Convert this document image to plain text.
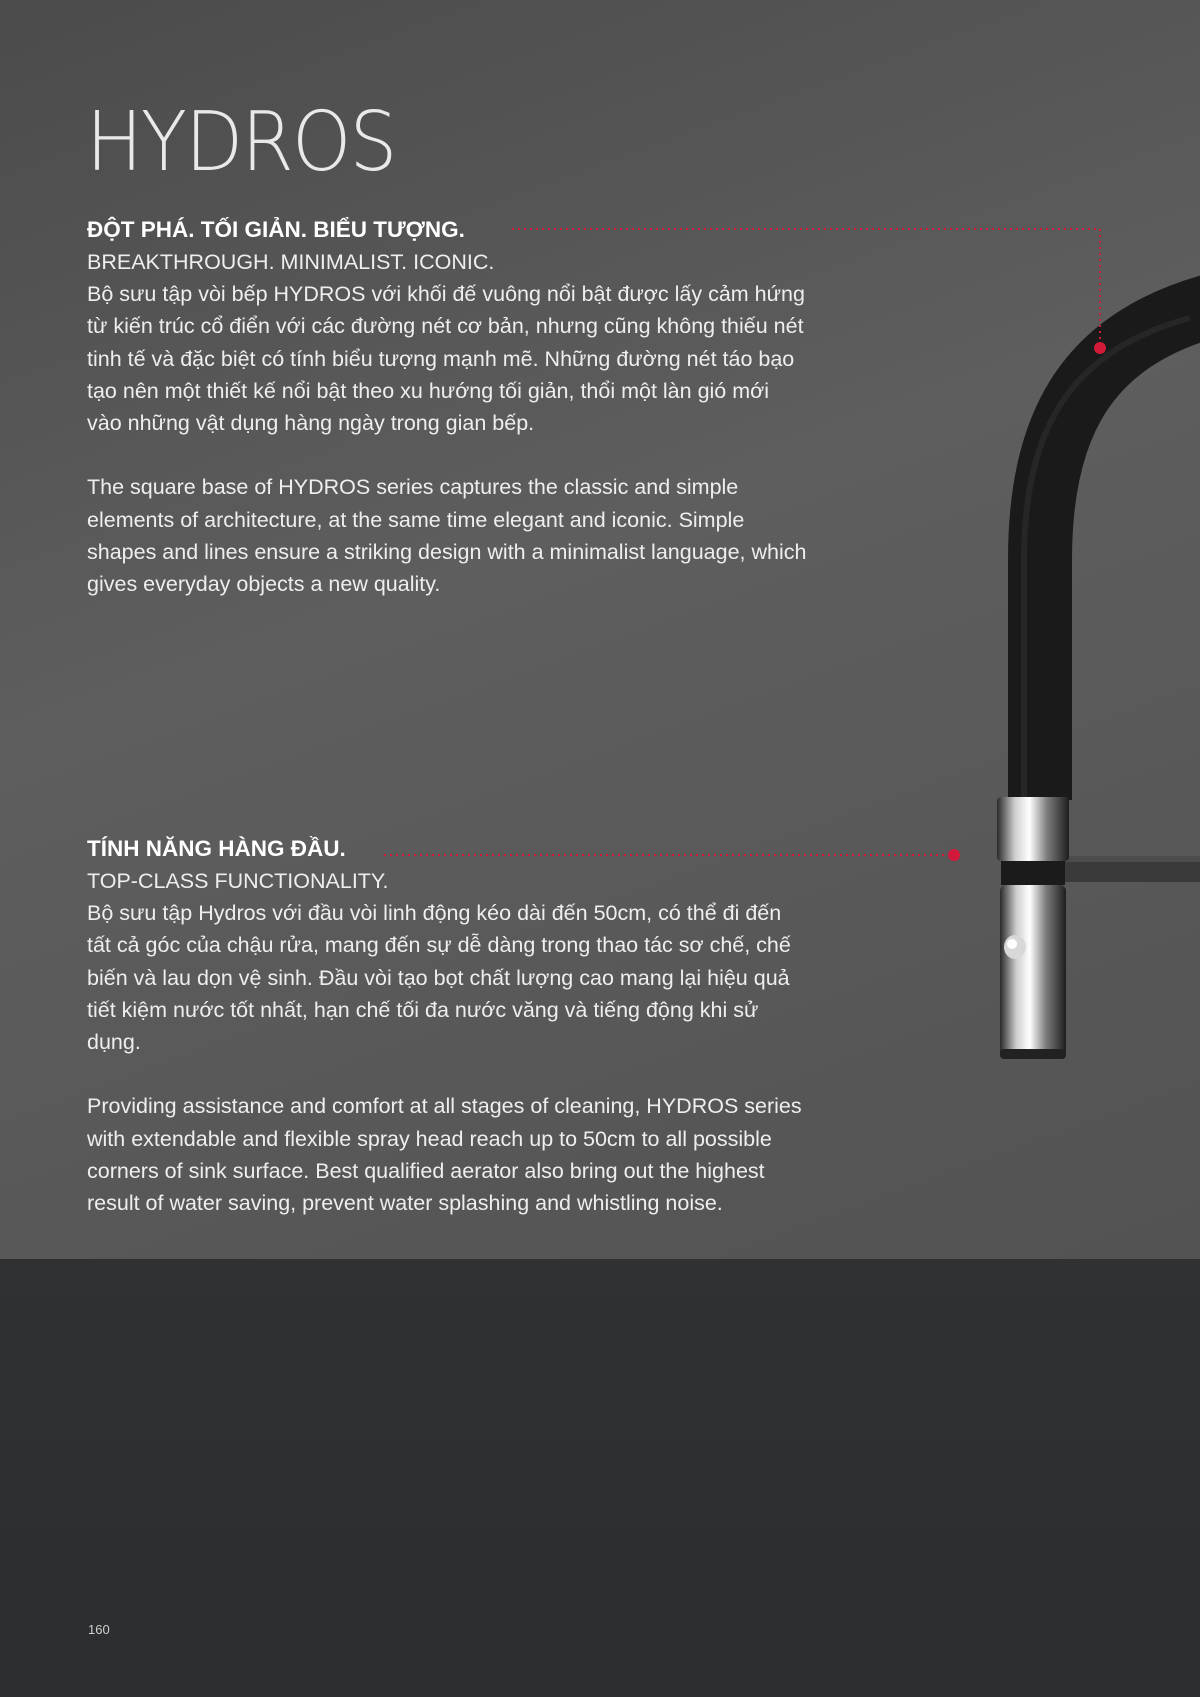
HYDROS

ĐỘT PHÁ. TỐI GIẢN. BIỂU TƯỢNG.

BREAKTHROUGH. MINIMALIST. ICONIC.

Bộ sưu tập vòi bếp HYDROS với khối đế vuông nổi bật được lấy cảm hứng từ kiến trúc cổ điển với các đường nét cơ bản, nhưng cũng không thiếu nét tinh tế và đặc biệt có tính biểu tượng mạnh mẽ. Những đường nét táo bạo tạo nên một thiết kế nổi bật theo xu hướng tối giản, thổi một làn gió mới vào những vật dụng hàng ngày trong gian bếp.

The square base of HYDROS series captures the classic and simple elements of architecture, at the same time elegant and iconic. Simple shapes and lines ensure a striking design with a minimalist language, which gives everyday objects a new quality.

TÍNH NĂNG HÀNG ĐẦU.

TOP-CLASS FUNCTIONALITY.

Bộ sưu tập Hydros với đầu vòi linh động kéo dài đến 50cm, có thể đi đến tất cả góc của chậu rửa, mang đến sự dễ dàng trong thao tác sơ chế, chế biến và lau dọn vệ sinh. Đầu vòi tạo bọt chất lượng cao mang lại hiệu quả tiết kiệm nước tốt nhất, hạn chế tối đa nước văng và tiếng động khi sử dụng.

Providing assistance and comfort at all stages of cleaning, HYDROS series with extendable and flexible spray head reach up to 50cm to all possible corners of sink surface. Best qualified aerator also bring out the highest result of water saving, prevent water splashing and whistling noise.

160
